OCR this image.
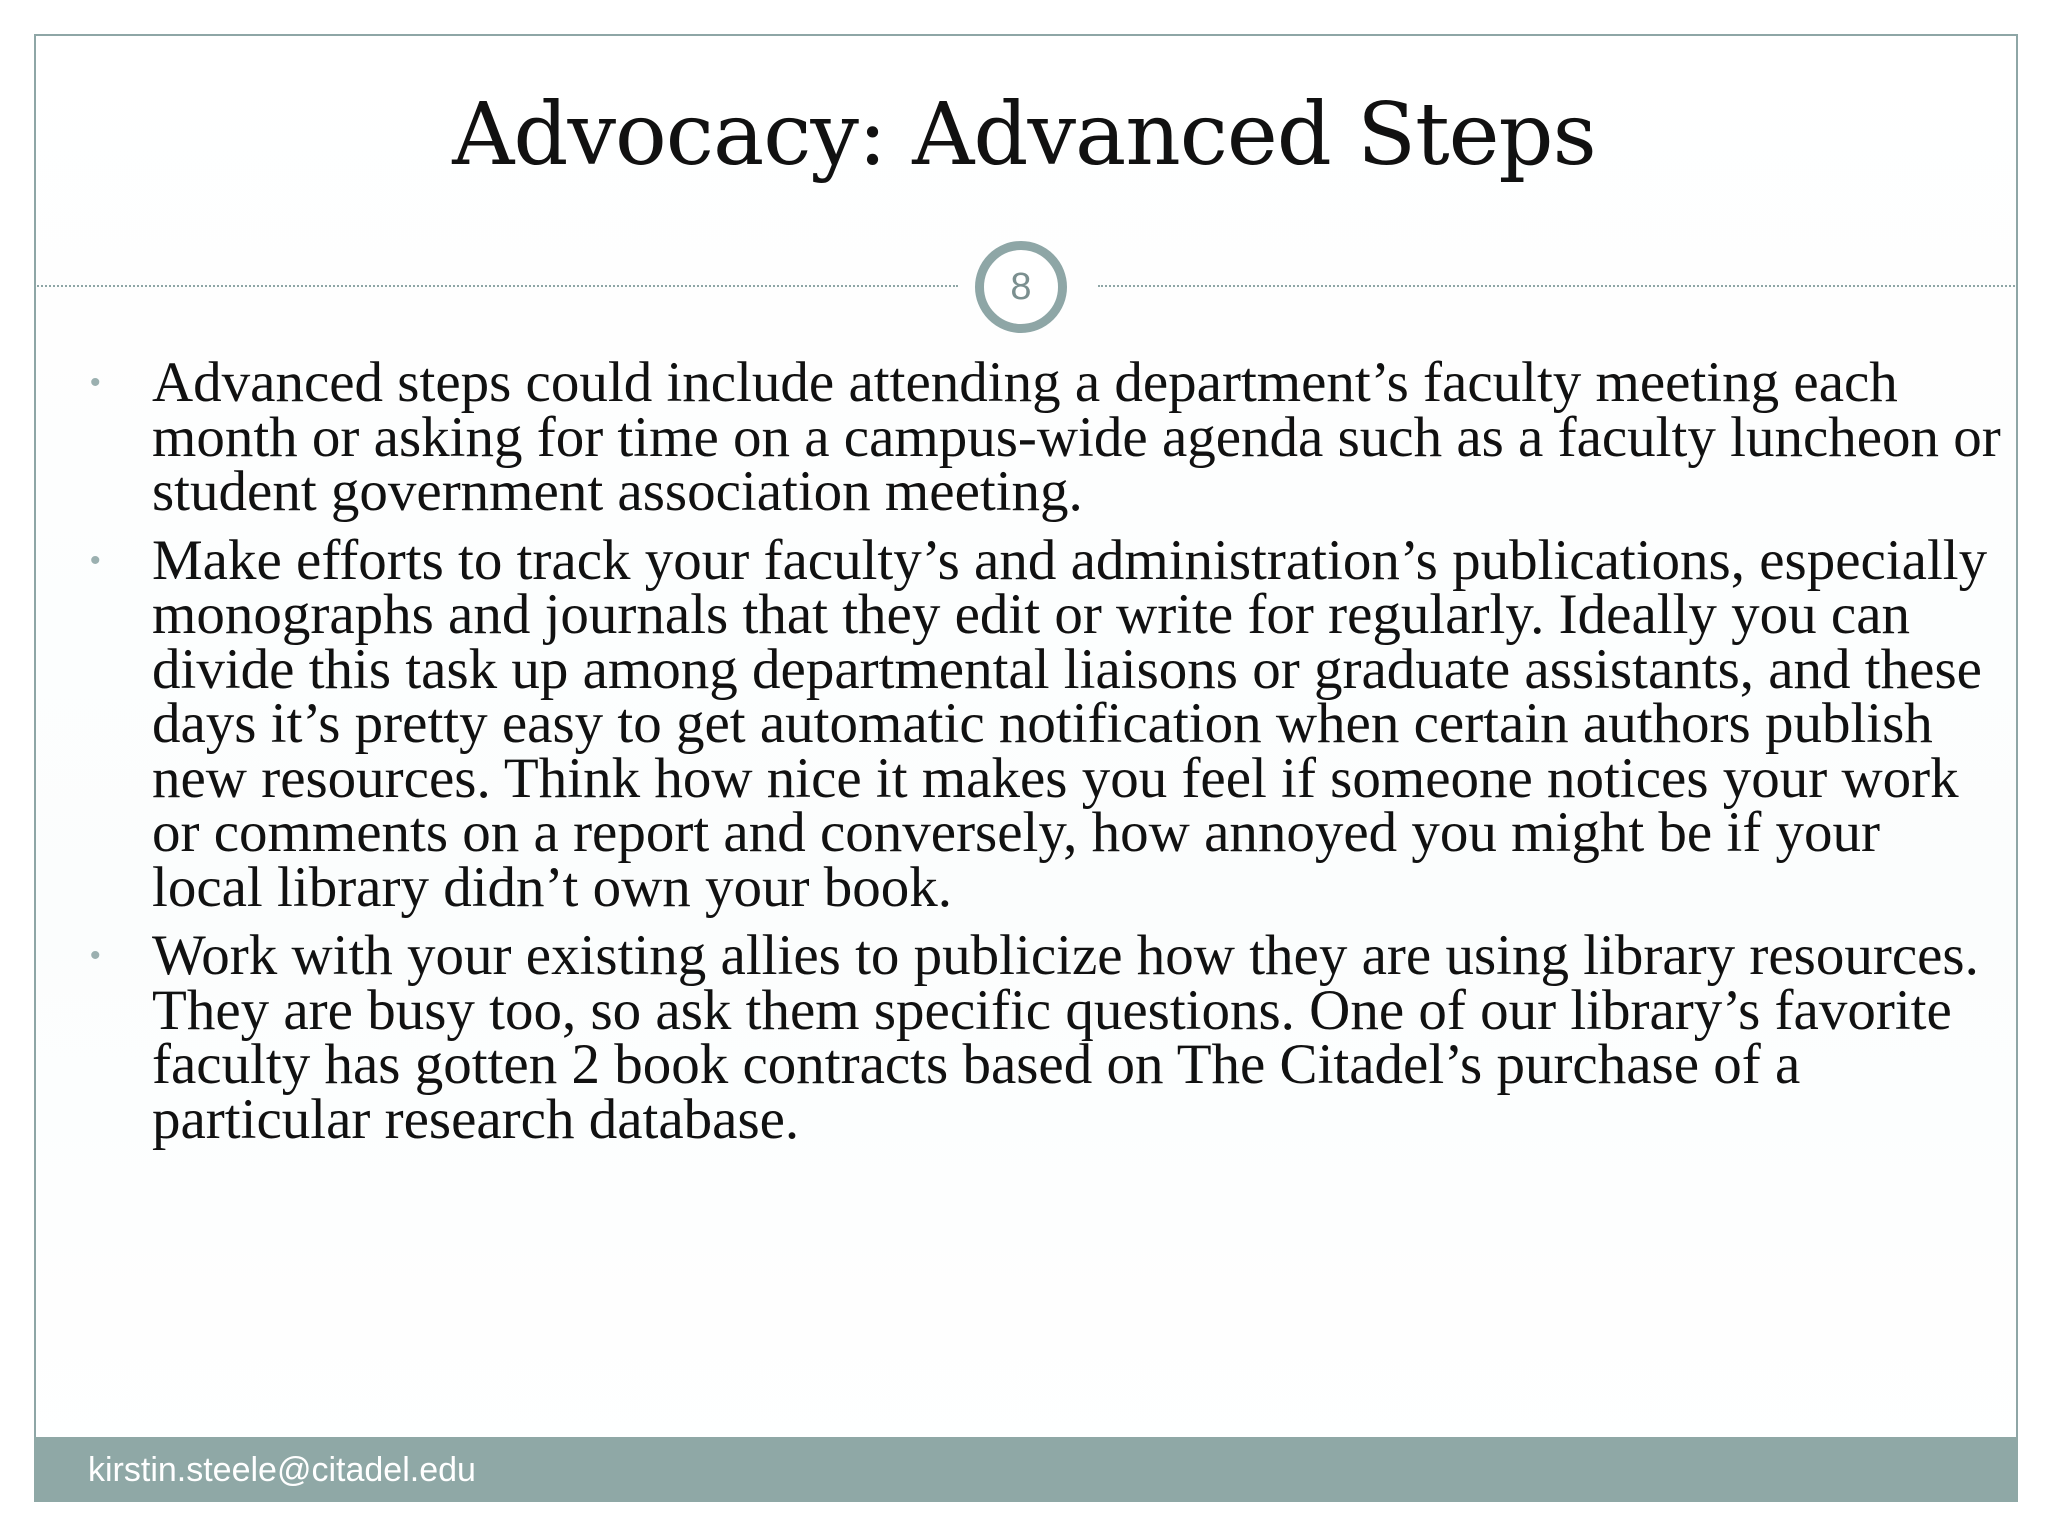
Advocacy: Advanced Steps
8
• Advanced steps could include attending a department’s faculty meeting each month or asking for time on a campus-wide agenda such as a faculty luncheon or student government association meeting.
• Make efforts to track your faculty’s and administration’s publications, especially monographs and journals that they edit or write for regularly. Ideally you can divide this task up among departmental liaisons or graduate assistants, and these days it’s pretty easy to get automatic notification when certain authors publish new resources. Think how nice it makes you feel if someone notices your work or comments on a report and conversely, how annoyed you might be if your local library didn’t own your book.
• Work with your existing allies to publicize how they are using library resources. They are busy too, so ask them specific questions. One of our library’s favorite faculty has gotten 2 book contracts based on The Citadel’s purchase of a particular research database.
kirstin.steele@citadel.edu
